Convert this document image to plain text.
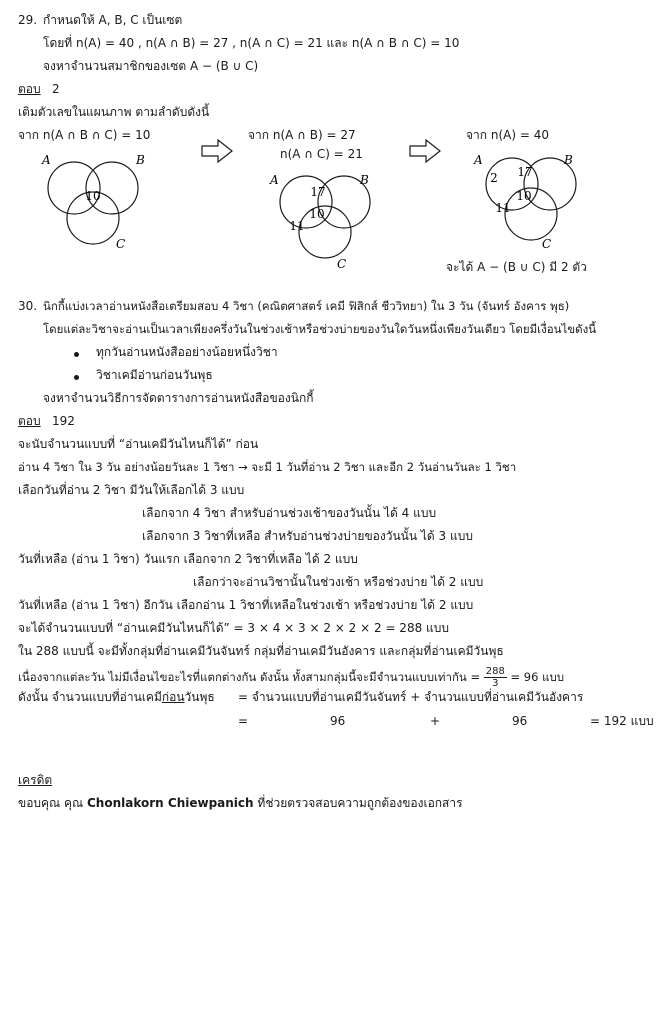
29. กำหนดให้ A, B, C เป็นเซต
โดยที่ n(A) = 40 , n(A ∩ B) = 27 , n(A ∩ C) = 21 และ n(A ∩ B ∩ C) = 10
จงหาจำนวนสมาชิกของเซต A − (B ∪ C)
ตอบ 2
เติมตัวเลขในแผนภาพ ตามลำดับดังนี้
จาก n(A ∩ B ∩ C) = 10	จาก n(A ∩ B) = 27
n(A ∩ C) = 21
จาก n(A) = 40
A	B
C
10
A	B
C
17
10
11
A	B
C
2 17
10
11
จะได้ A − (B ∪ C) มี 2 ตัว
30. นิกกี้แบ่งเวลาอ่านหนังสือเตรียมสอบ 4 วิชา (คณิตศาสตร์ เคมี ฟิสิกส์ ชีววิทยา) ใน 3 วัน (จันทร์ อังคาร พุธ)
โดยแต่ละวิชาจะอ่านเป็นเวลาเพียงครึ่งวันในช่วงเช้าหรือช่วงบ่ายของวันใดวันหนึ่งเพียงวันเดียว โดยมีเงื่อนไขดังนี้
ทุกวันอ่านหนังสืออย่างน้อยหนึ่งวิชา
วิชาเคมีอ่านก่อนวันพุธ
จงหาจำนวนวิธีการจัดตารางการอ่านหนังสือของนิกกี้
ตอบ 192
จะนับจำนวนแบบที่ “อ่านเคมีวันไหนก็ได้” ก่อน
อ่าน 4 วิชา ใน 3 วัน อย่างน้อยวันละ 1 วิชา → จะมี 1 วันที่อ่าน 2 วิชา และอีก 2 วันอ่านวันละ 1 วิชา
เลือกวันที่อ่าน 2 วิชา มีวันให้เลือกได้ 3 แบบ
เลือกจาก 4 วิชา สำหรับอ่านช่วงเช้าของวันนั้น ได้ 4 แบบ
เลือกจาก 3 วิชาที่เหลือ สำหรับอ่านช่วงบ่ายของวันนั้น ได้ 3 แบบ
วันที่เหลือ (อ่าน 1 วิชา) วันแรก เลือกจาก 2 วิชาที่เหลือ ได้ 2 แบบ
เลือกว่าจะอ่านวิชานั้นในช่วงเช้า หรือช่วงบ่าย ได้ 2 แบบ
วันที่เหลือ (อ่าน 1 วิชา) อีกวัน เลือกอ่าน 1 วิชาที่เหลือในช่วงเช้า หรือช่วงบ่าย ได้ 2 แบบ
จะได้จำนวนแบบที่ “อ่านเคมีวันไหนก็ได้” = 3 × 4 × 3 × 2 × 2 × 2 = 288 แบบ
ใน 288 แบบนี้ จะมีทั้งกลุ่มที่อ่านเคมีวันจันทร์ กลุ่มที่อ่านเคมีวันอังคาร และกลุ่มที่อ่านเคมีวันพุธ
เนื่องจากแต่ละวัน ไม่มีเงื่อนไขอะไรที่แตกต่างกัน ดังนั้น ทั้งสามกลุ่มนี้จะมีจำนวนแบบเท่ากัน = $\frac{288}{3} = 96$ แบบ
ดังนั้น จำนวนแบบที่อ่านเคมีก่อนวันพุธ = จำนวนแบบที่อ่านเคมีวันจันทร์ + จำนวนแบบที่อ่านเคมีวันอังคาร
=	96	+	96	= 192 แบบ
เครดิต
ขอบคุณ คุณ Chonlakorn Chiewpanich ที่ช่วยตรวจสอบความถูกต้องของเอกสาร
